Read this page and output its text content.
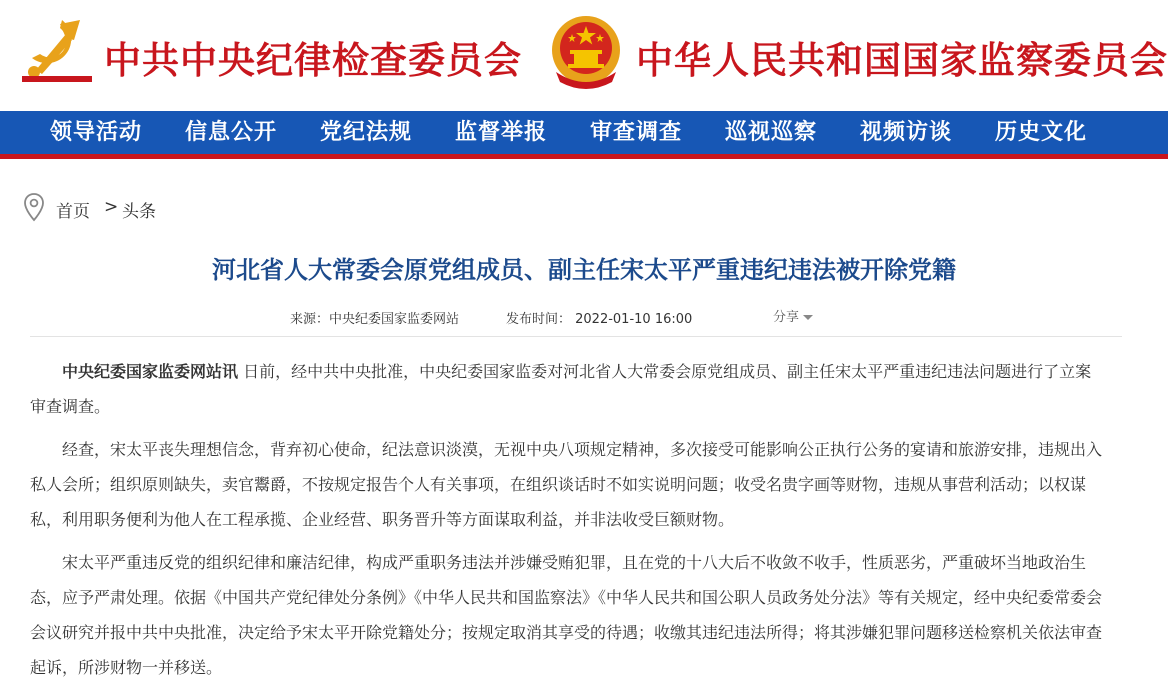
中共中央纪律检查委员会	中华人民共和国国家监察委员会
领导活动 信息公开 党纪法规 监督举报 审查调查 巡视巡察 视频访谈 历史文化
首页 > 头条
河北省人大常委会原党组成员、副主任宋太平严重违纪违法被开除党籍
来源：中央纪委国家监委网站	发布时间： 2022-01-10 16:00	分享

中央纪委国家监委网站讯 日前，经中共中央批准，中央纪委国家监委对河北省人大常委会原党组成员、副主任宋太平严重违纪违法问题进行了立案审查调查。

经查，宋太平丧失理想信念，背弃初心使命，纪法意识淡漠，无视中央八项规定精神，多次接受可能影响公正执行公务的宴请和旅游安排，违规出入私人会所；组织原则缺失，卖官鬻爵，不按规定报告个人有关事项，在组织谈话时不如实说明问题；收受名贵字画等财物，违规从事营利活动；以权谋私，利用职务便利为他人在工程承揽、企业经营、职务晋升等方面谋取利益，并非法收受巨额财物。

宋太平严重违反党的组织纪律和廉洁纪律，构成严重职务违法并涉嫌受贿犯罪，且在党的十八大后不收敛不收手，性质恶劣，严重破坏当地政治生态，应予严肃处理。依据《中国共产党纪律处分条例》《中华人民共和国监察法》《中华人民共和国公职人员政务处分法》等有关规定，经中央纪委常委会会议研究并报中共中央批准，决定给予宋太平开除党籍处分；按规定取消其享受的待遇；收缴其违纪违法所得；将其涉嫌犯罪问题移送检察机关依法审查起诉，所涉财物一并移送。
